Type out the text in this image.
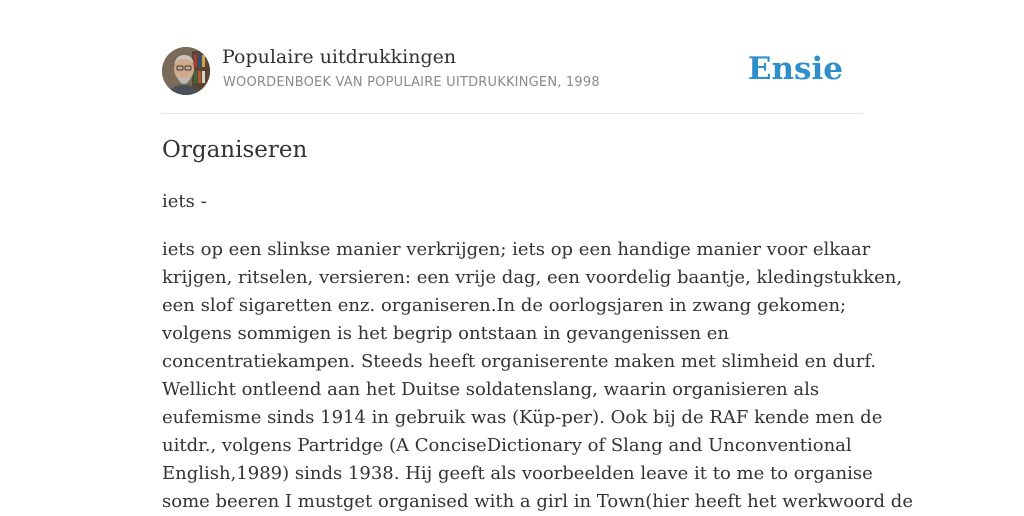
Populaire uitdrukkingen
WOORDENBOEK VAN POPULAIRE UITDRUKKINGEN, 1998	Ensie
Organiseren
iets -
iets op een slinkse manier verkrijgen; iets op een handige manier voor elkaar
krijgen, ritselen, versieren: een vrije dag, een voordelig baantje, kledingstukken,
een slof sigaretten enz. organiseren.In de oorlogsjaren in zwang gekomen;
volgens sommigen is het begrip ontstaan in gevangenissen en
concentratiekampen. Steeds heeft organiserente maken met slimheid en durf.
Wellicht ontleend aan het Duitse soldatenslang, waarin organisieren als
eufemisme sinds 1914 in gebruik was (Küp-per). Ook bij de RAF kende men de
uitdr., volgens Partridge (A ConciseDictionary of Slang and Unconventional
English,1989) sinds 1938. Hij geeft als voorbeelden leave it to me to organise
some beeren I mustget organised with a girl in Town(hier heeft het werkwoord de
